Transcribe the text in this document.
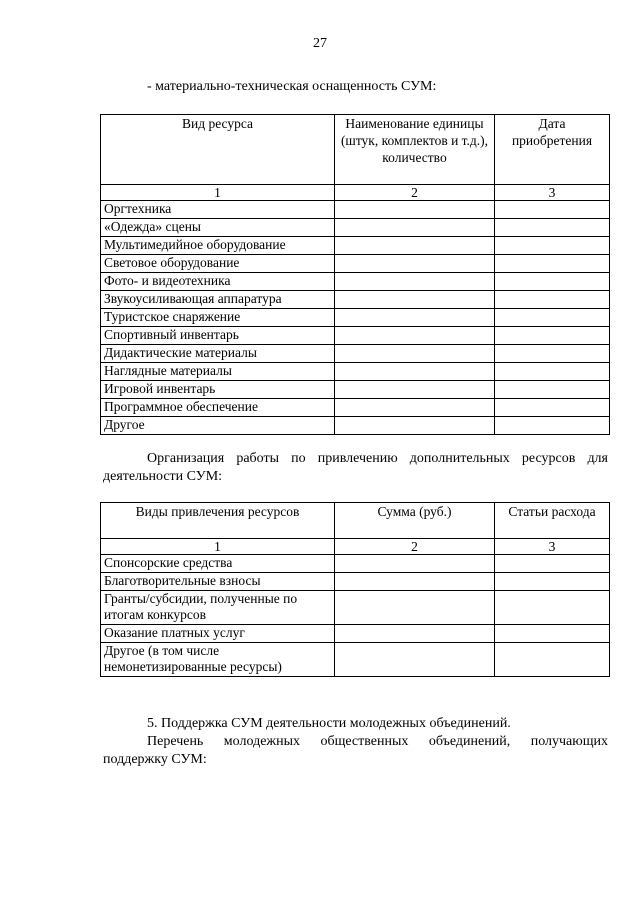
27
- материально-техническая оснащенность СУМ:
Вид ресурса	Наименование единицы (штук, комплектов и т.д.), количество	Дата приобретения
1	2	3
Оргтехника		
«Одежда» сцены		
Мультимедийное оборудование		
Световое оборудование		
Фото- и видеотехника		
Звукоусиливающая аппаратура		
Туристское снаряжение		
Спортивный инвентарь		
Дидактические материалы		
Наглядные материалы		
Игровой инвентарь		
Программное обеспечение		
Другое		
Организация работы по привлечению дополнительных ресурсов для деятельности СУМ:
Виды привлечения ресурсов	Сумма (руб.)	Статьи расхода
1	2	3
Спонсорские средства		
Благотворительные взносы		
Гранты/субсидии, полученные по итогам конкурсов		
Оказание платных услуг		
Другое (в том числе немонетизированные ресурсы)		
5. Поддержка СУМ деятельности молодежных объединений.
Перечень молодежных общественных объединений, получающих поддержку СУМ:
